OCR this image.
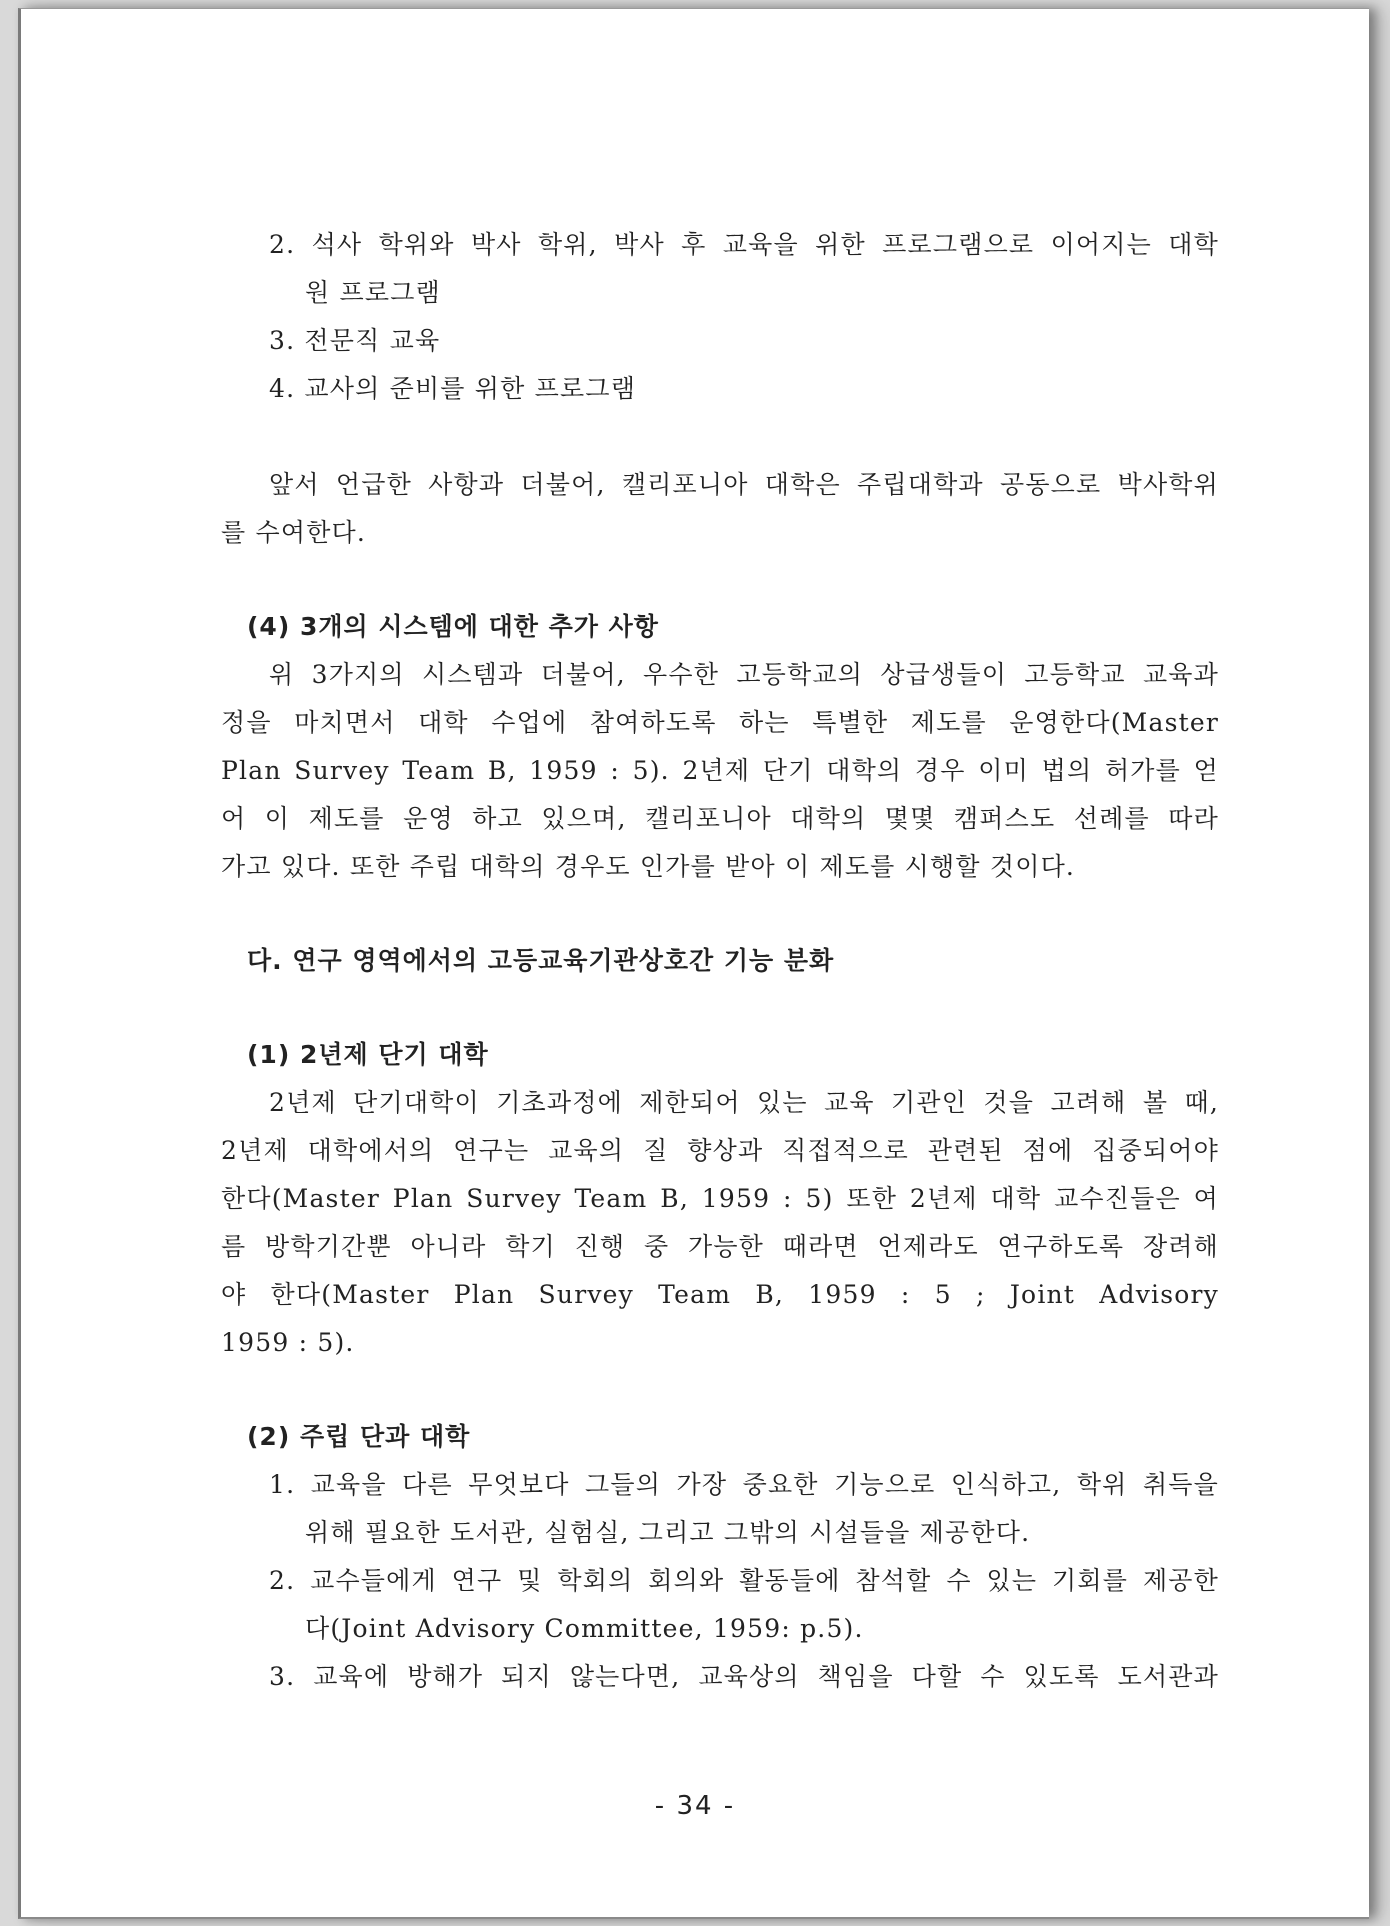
2. 석사 학위와 박사 학위, 박사 후 교육을 위한 프로그램으로 이어지는 대학
원 프로그램
3. 전문직 교육
4. 교사의 준비를 위한 프로그램
앞서 언급한 사항과 더불어, 캘리포니아 대학은 주립대학과 공동으로 박사학위
를 수여한다.
(4) 3개의 시스템에 대한 추가 사항
위 3가지의 시스템과 더불어, 우수한 고등학교의 상급생들이 고등학교 교육과
정을 마치면서 대학 수업에 참여하도록 하는 특별한 제도를 운영한다(Master
Plan Survey Team B, 1959 : 5). 2년제 단기 대학의 경우 이미 법의 허가를 얻
어 이 제도를 운영 하고 있으며, 캘리포니아 대학의 몇몇 캠퍼스도 선례를 따라
가고 있다. 또한 주립 대학의 경우도 인가를 받아 이 제도를 시행할 것이다.
다. 연구 영역에서의 고등교육기관상호간 기능 분화
(1) 2년제 단기 대학
2년제 단기대학이 기초과정에 제한되어 있는 교육 기관인 것을 고려해 볼 때,
2년제 대학에서의 연구는 교육의 질 향상과 직접적으로 관련된 점에 집중되어야
한다(Master Plan Survey Team B, 1959 : 5) 또한 2년제 대학 교수진들은 여
름 방학기간뿐 아니라 학기 진행 중 가능한 때라면 언제라도 연구하도록 장려해
야 한다(Master Plan Survey Team B, 1959 : 5 ; Joint Advisory
1959 : 5).
(2) 주립 단과 대학
1. 교육을 다른 무엇보다 그들의 가장 중요한 기능으로 인식하고, 학위 취득을
위해 필요한 도서관, 실험실, 그리고 그밖의 시설들을 제공한다.
2. 교수들에게 연구 및 학회의 회의와 활동들에 참석할 수 있는 기회를 제공한
다(Joint Advisory Committee, 1959: p.5).
3. 교육에 방해가 되지 않는다면, 교육상의 책임을 다할 수 있도록 도서관과
- 34 -
